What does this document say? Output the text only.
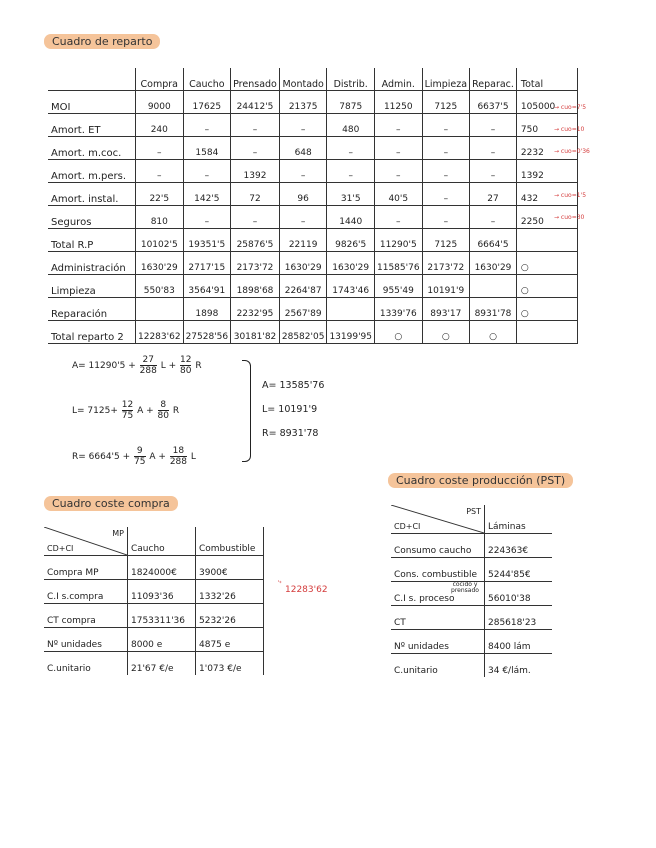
Cuadro de reparto
	Compra	Caucho	Prensado	Montado	Distrib.	Admin.	Limpieza	Reparac.	Total
MOI	9000	17625	24412'5	21375	7875	11250	7125	6637'5	105000
Amort. ET	240	–	–	–	480	–	–	–	750
Amort. m.coc.	–	1584	–	648	–	–	–	–	2232
Amort. m.pers.	–	–	1392	–	–	–	–	–	1392
Amort. instal.	22'5	142'5	72	96	31'5	40'5	–	27	432
Seguros	810	–	–	–	1440	–	–	–	2250
Total R.P	10102'5	19351'5	25876'5	22119	9826'5	11290'5	7125	6664'5	
Administración	1630'29	2717'15	2173'72	1630'29	1630'29	11585'76	2173'72	1630'29	○
Limpieza	550'83	3564'91	1898'68	2264'87	1743'46	955'49	10191'9		○
Reparación		1898	2232'95	2567'89		1339'76	893'17	8931'78	○
Total reparto 2	12283'62	27528'56	30181'82	28582'05	13199'95	○	○	○	
→ cuo=7'5
→ cuo=10
→ cuo=0'36
→ cuo=1'5
→ cuo=30
$A= 11290'5 + \frac{27}{288}$ $L + \frac{12}{80}$ R
$L= 7125+ \frac{12}{75}$ $A + \frac{8}{80}$ R
$R= 6664'5 + \frac{9}{75}$ $A + \frac{18}{288}$ L
A= 13585'76
L= 10191'9
R= 8931'78
Cuadro coste compra
Cuadro coste producción (PST)
MP
CD+CI	Caucho	Combustible
Compra MP	1824000€	3900€
C.I s.compra	11093'36	1332'26
CT compra	1753311'36	5232'26
Nº unidades	8000 e	4875 e
C.unitario	21'67 €/e	1'073 €/e
⤷
12283'62
PST
CD+CI	Láminas
Consumo caucho	224363€
Cons. combustible	5244'85€
C.I s. proceso
cocido y prensado	56010'38
CT	285618'23
Nº unidades	8400 lám
C.unitario	34 €/lám.
